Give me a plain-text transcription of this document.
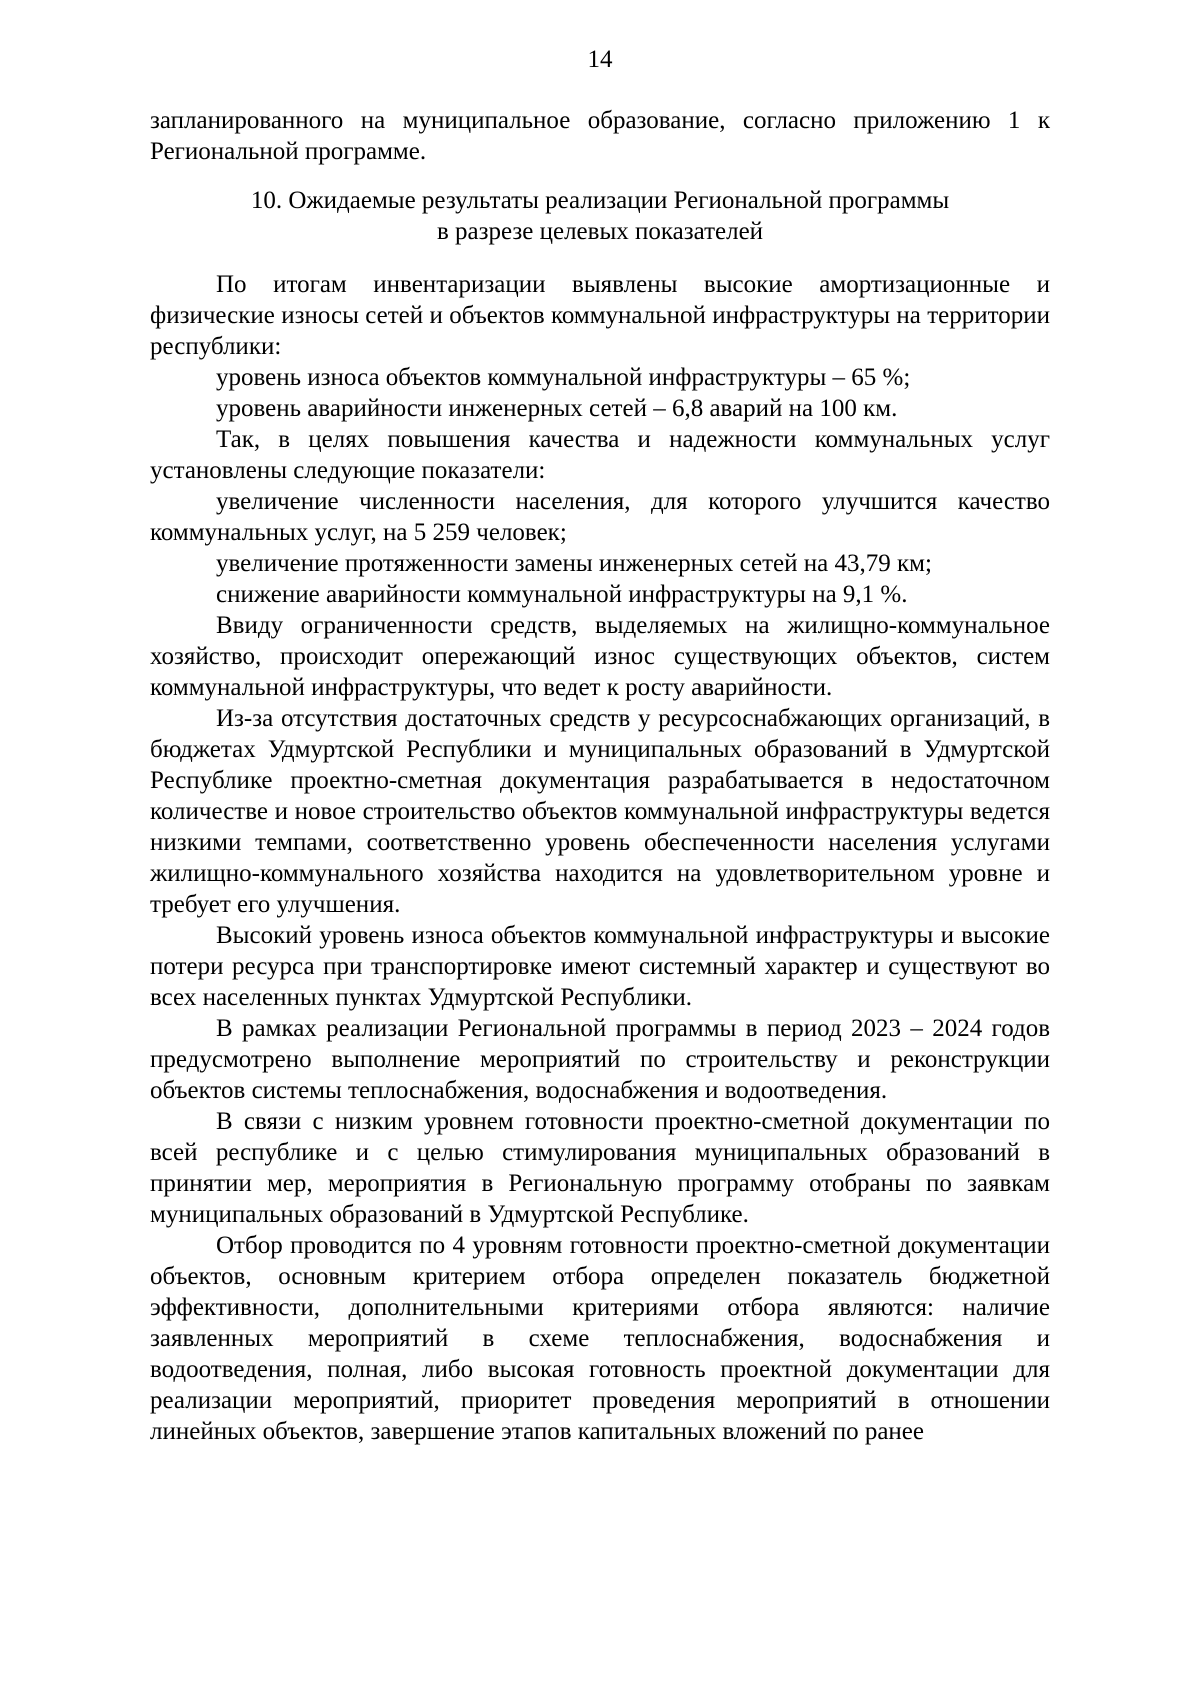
14

запланированного на муниципальное образование, согласно приложению 1 к Региональной программе.

10. Ожидаемые результаты реализации Региональной программы
в разрезе целевых показателей

По итогам инвентаризации выявлены высокие амортизационные и физические износы сетей и объектов коммунальной инфраструктуры на территории республики:

уровень износа объектов коммунальной инфраструктуры – 65 %;

уровень аварийности инженерных сетей – 6,8 аварий на 100 км.

Так, в целях повышения качества и надежности коммунальных услуг установлены следующие показатели:

увеличение численности населения, для которого улучшится качество коммунальных услуг, на 5 259 человек;

увеличение протяженности замены инженерных сетей на 43,79 км;

снижение аварийности коммунальной инфраструктуры на 9,1 %.

Ввиду ограниченности средств, выделяемых на жилищно-коммунальное хозяйство, происходит опережающий износ существующих объектов, систем коммунальной инфраструктуры, что ведет к росту аварийности.

Из-за отсутствия достаточных средств у ресурсоснабжающих организаций, в бюджетах Удмуртской Республики и муниципальных образований в Удмуртской Республике проектно-сметная документация разрабатывается в недостаточном количестве и новое строительство объектов коммунальной инфраструктуры ведется низкими темпами, соответственно уровень обеспеченности населения услугами жилищно-коммунального хозяйства находится на удовлетворительном уровне и требует его улучшения.

Высокий уровень износа объектов коммунальной инфраструктуры и высокие потери ресурса при транспортировке имеют системный характер и существуют во всех населенных пунктах Удмуртской Республики.

В рамках реализации Региональной программы в период 2023 – 2024 годов предусмотрено выполнение мероприятий по строительству и реконструкции объектов системы теплоснабжения, водоснабжения и водоотведения.

В связи с низким уровнем готовности проектно-сметной документации по всей республике и с целью стимулирования муниципальных образований в принятии мер, мероприятия в Региональную программу отобраны по заявкам муниципальных образований в Удмуртской Республике.

Отбор проводится по 4 уровням готовности проектно-сметной документации объектов, основным критерием отбора определен показатель бюджетной эффективности, дополнительными критериями отбора являются: наличие заявленных мероприятий в схеме теплоснабжения, водоснабжения и водоотведения, полная, либо высокая готовность проектной документации для реализации мероприятий, приоритет проведения мероприятий в отношении линейных объектов, завершение этапов капитальных вложений по ранее
